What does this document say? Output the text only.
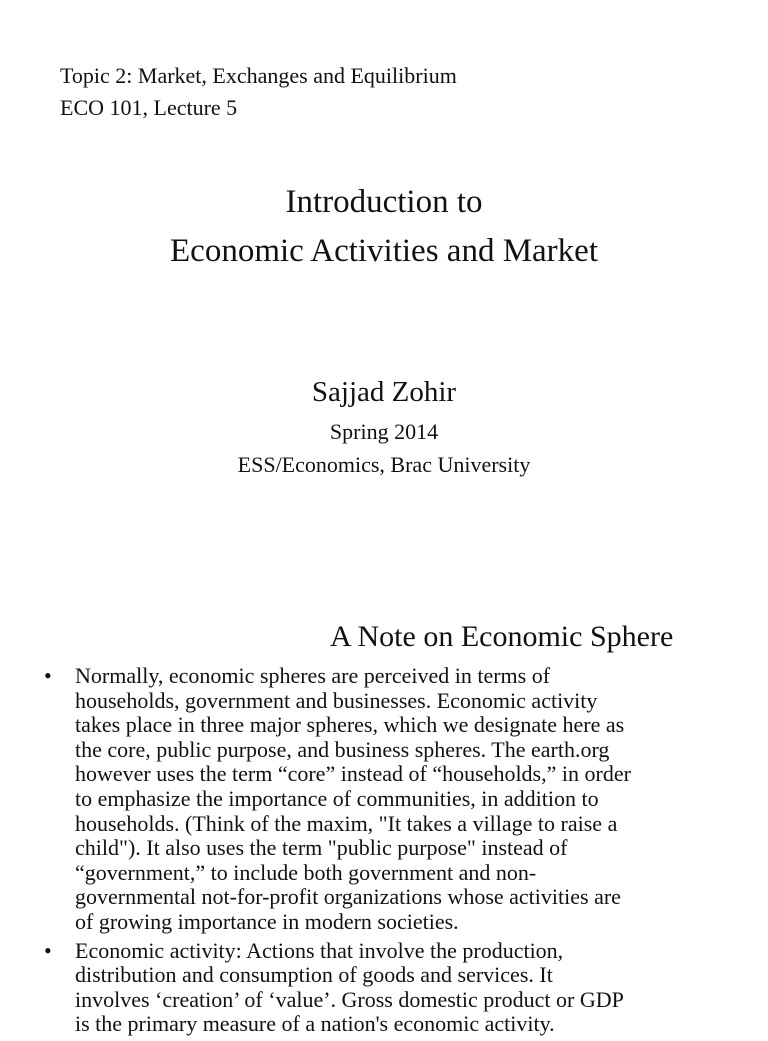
Topic 2: Market, Exchanges and Equilibrium
ECO 101, Lecture 5
Introduction to
Economic Activities and Market
Sajjad Zohir
Spring 2014
ESS/Economics, Brac University
A Note on Economic Sphere
• Normally, economic spheres are perceived in terms of
households, government and businesses. Economic activity
takes place in three major spheres, which we designate here as
the core, public purpose, and business spheres. The earth.org
however uses the term “core” instead of “households,” in order
to emphasize the importance of communities, in addition to
households. (Think of the maxim, "It takes a village to raise a
child"). It also uses the term "public purpose" instead of
“government,” to include both government and non-
governmental not-for-profit organizations whose activities are
of growing importance in modern societies.
• Economic activity: Actions that involve the production,
distribution and consumption of goods and services. It
involves ‘creation’ of ‘value’. Gross domestic product or GDP
is the primary measure of a nation's economic activity.
